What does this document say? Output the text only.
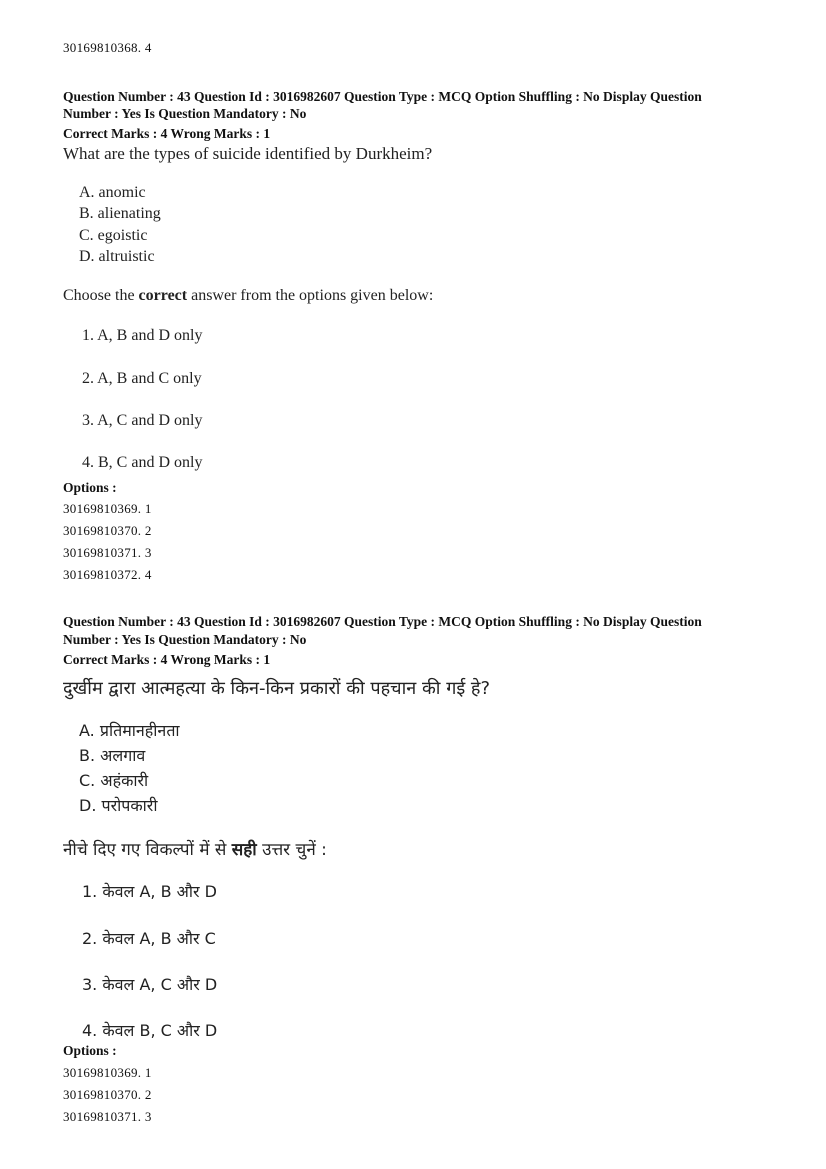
30169810368. 4
Question Number : 43 Question Id : 3016982607 Question Type : MCQ Option Shuffling : No Display Question
Number : Yes Is Question Mandatory : No
Correct Marks : 4 Wrong Marks : 1
What are the types of suicide identified by Durkheim?
A. anomic
B. alienating
C. egoistic
D. altruistic
Choose the correct answer from the options given below:
1. A, B and D only
2. A, B and C only
3. A, C and D only
4. B, C and D only
Options :
30169810369. 1
30169810370. 2
30169810371. 3
30169810372. 4
Question Number : 43 Question Id : 3016982607 Question Type : MCQ Option Shuffling : No Display Question
Number : Yes Is Question Mandatory : No
Correct Marks : 4 Wrong Marks : 1
दुर्खीम द्वारा आत्महत्या के किन-किन प्रकारों की पहचान की गई हे?
A. प्रतिमानहीनता
B. अलगाव
C. अहंकारी
D. परोपकारी
नीचे दिए गए विकल्पों में से सही उत्तर चुनें :
1. केवल A, B और D
2. केवल A, B और C
3. केवल A, C और D
4. केवल B, C और D
Options :
30169810369. 1
30169810370. 2
30169810371. 3
